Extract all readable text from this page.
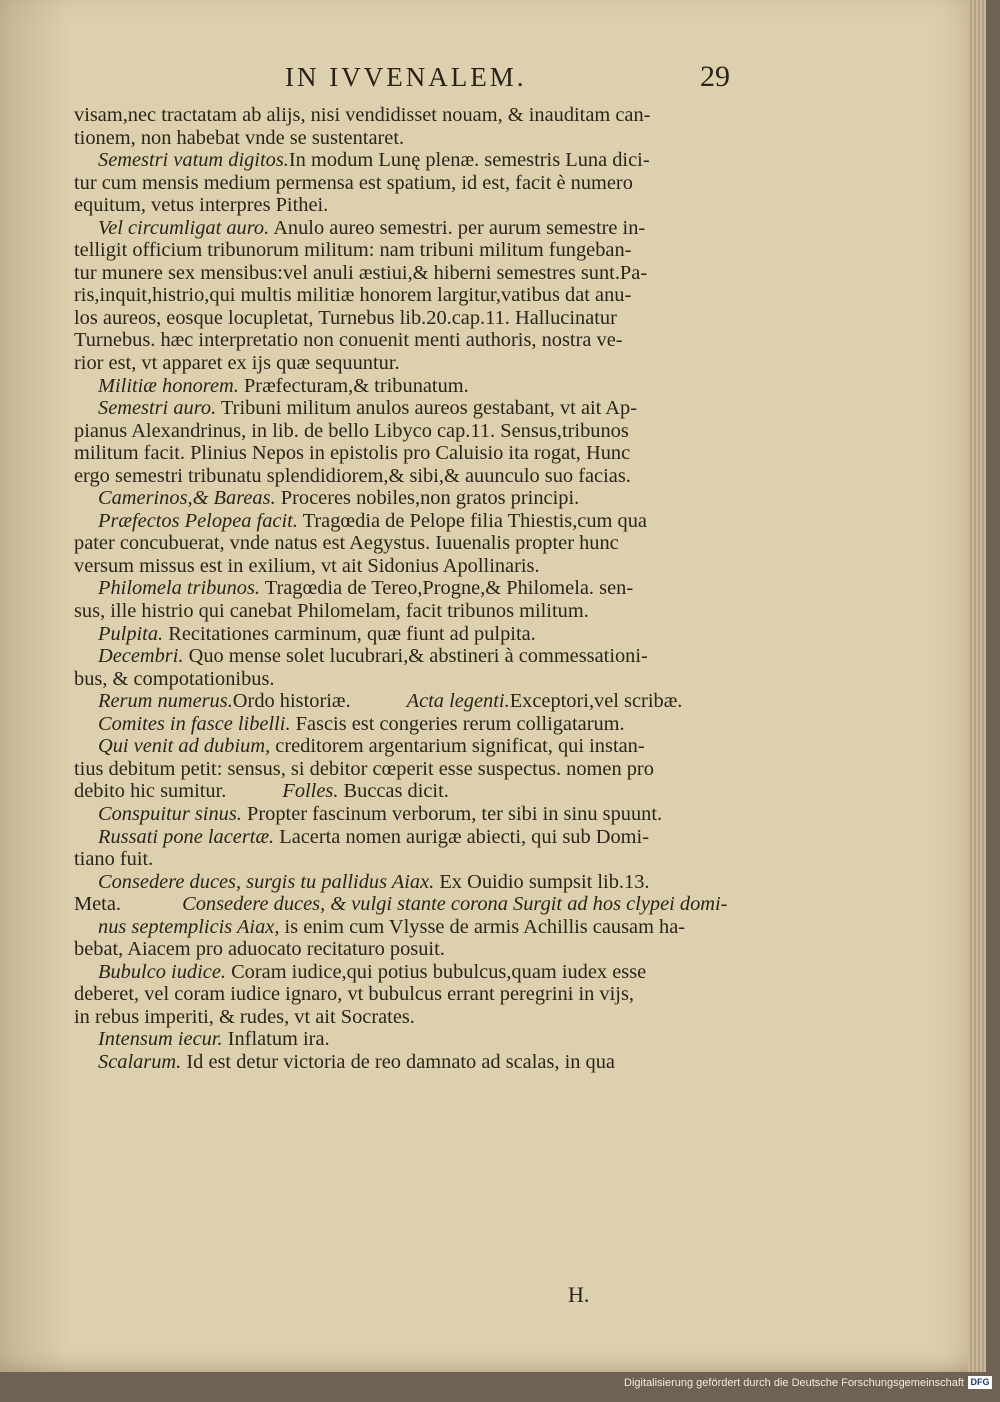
IN IVVENALEM.	29
visam,nec tractatam ab alijs, nisi vendidisset nouam, & inauditam can-
tionem, non habebat vnde se sustentaret.
Semestri vatum digitos.In modum Lunę plenæ. semestris Luna dici-
tur cum mensis medium permensa est spatium, id est, facit è numero
equitum, vetus interpres Pithei.
Vel circumligat auro. Anulo aureo semestri. per aurum semestre in-
telligit officium tribunorum militum: nam tribuni militum fungeban-
tur munere sex mensibus:vel anuli æstiui,& hiberni semestres sunt.Pa-
ris,inquit,histrio,qui multis militiæ honorem largitur,vatibus dat anu-
los aureos, eosque locupletat, Turnebus lib.20.cap.11. Hallucinatur
Turnebus. hæc interpretatio non conuenit menti authoris, nostra ve-
rior est, vt apparet ex ijs quæ sequuntur.
Militiæ honorem. Præfecturam,& tribunatum.
Semestri auro. Tribuni militum anulos aureos gestabant, vt ait Ap-
pianus Alexandrinus, in lib. de bello Libyco cap.11. Sensus,tribunos
militum facit. Plinius Nepos in epistolis pro Caluisio ita rogat, Hunc
ergo semestri tribunatu splendidiorem,& sibi,& auunculo suo facias.
Camerinos,& Bareas. Proceres nobiles,non gratos principi.
Præfectos Pelopea facit. Tragœdia de Pelope filia Thiestis,cum qua
pater concubuerat, vnde natus est Aegystus. Iuuenalis propter hunc
versum missus est in exilium, vt ait Sidonius Apollinaris.
Philomela tribunos. Tragœdia de Tereo,Progne,& Philomela. sen-
sus, ille histrio qui canebat Philomelam, facit tribunos militum.
Pulpita. Recitationes carminum, quæ fiunt ad pulpita.
Decembri. Quo mense solet lucubrari,& abstineri à commessationi-
bus, & compotationibus.
Rerum numerus.Ordo historiæ.	Acta legenti.Exceptori,vel scribæ.
Comites in fasce libelli. Fascis est congeries rerum colligatarum.
Qui venit ad dubium, creditorem argentarium significat, qui instan-
tius debitum petit: sensus, si debitor cœperit esse suspectus. nomen pro
debito hic sumitur.	Folles. Buccas dicit.
Conspuitur sinus. Propter fascinum verborum, ter sibi in sinu spuunt.
Russati pone lacertæ. Lacerta nomen aurigæ abiecti, qui sub Domi-
tiano fuit.
Consedere duces, surgis tu pallidus Aiax. Ex Ouidio sumpsit lib.13.
Meta.	Consedere duces, & vulgi stante corona Surgit ad hos clypei domi-
nus septemplicis Aiax, is enim cum Vlysse de armis Achillis causam ha-
bebat, Aiacem pro aduocato recitaturo posuit.
Bubulco iudice. Coram iudice,qui potius bubulcus,quam iudex esse
deberet, vel coram iudice ignaro, vt bubulcus errant peregrini in vijs,
in rebus imperiti, & rudes, vt ait Socrates.
Intensum iecur. Inflatum ira.
Scalarum. Id est detur victoria de reo damnato ad scalas, in qua
H.
Digitalisierung gefördert durch die Deutsche Forschungsgemeinschaft DFG
